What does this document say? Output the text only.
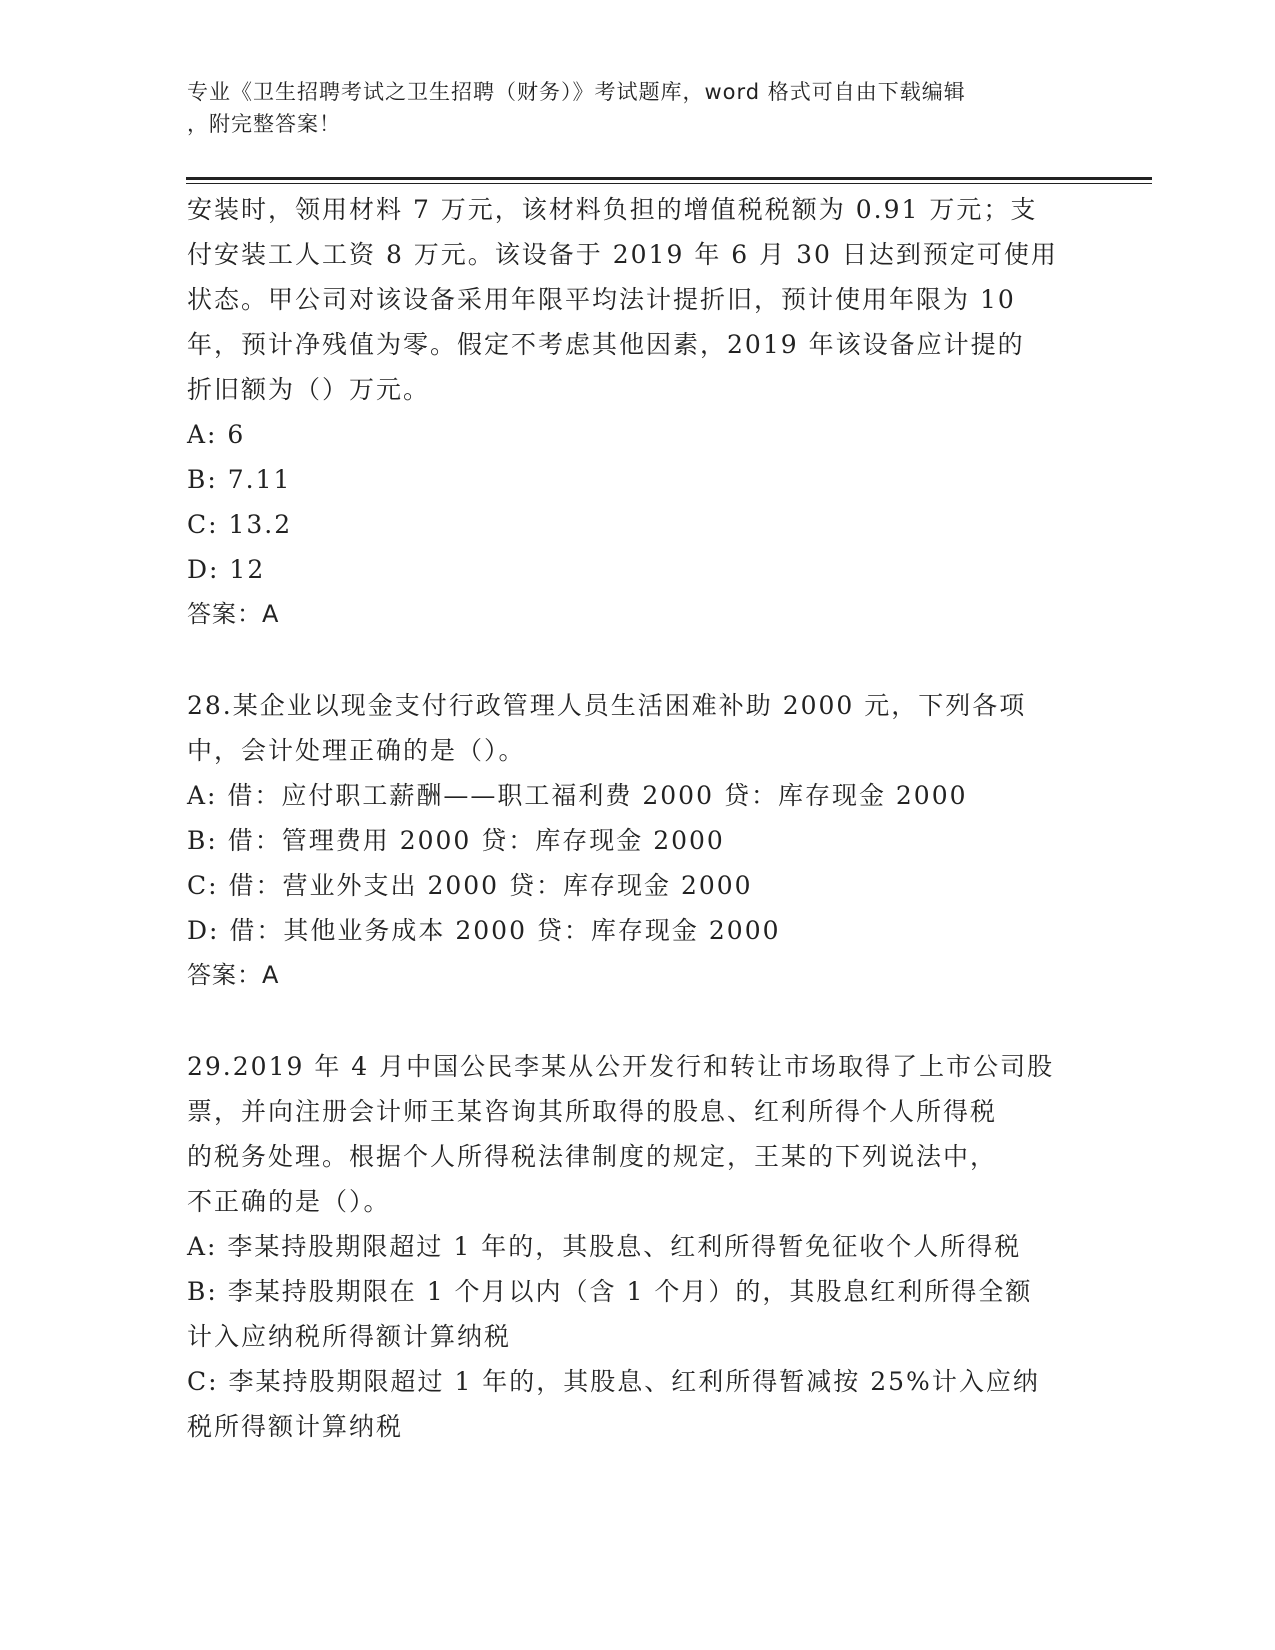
专业《卫生招聘考试之卫生招聘（财务）》考试题库，word 格式可自由下载编辑
，附完整答案！
安装时，领用材料 7 万元，该材料负担的增值税税额为 0.91 万元；支
付安装工人工资 8 万元。该设备于 2019 年 6 月 30 日达到预定可使用
状态。甲公司对该设备采用年限平均法计提折旧，预计使用年限为 10
年，预计净残值为零。假定不考虑其他因素，2019 年该设备应计提的
折旧额为（）万元。
A: 6
B: 7.11
C: 13.2
D: 12
答案：A
28.某企业以现金支付行政管理人员生活困难补助 2000 元，下列各项
中，会计处理正确的是（）。
A: 借：应付职工薪酬——职工福利费 2000 贷：库存现金 2000
B: 借：管理费用 2000 贷：库存现金 2000
C: 借：营业外支出 2000 贷：库存现金 2000
D: 借：其他业务成本 2000 贷：库存现金 2000
答案：A
29.2019 年 4 月中国公民李某从公开发行和转让市场取得了上市公司股
票，并向注册会计师王某咨询其所取得的股息、红利所得个人所得税
的税务处理。根据个人所得税法律制度的规定，王某的下列说法中，
不正确的是（）。
A: 李某持股期限超过 1 年的，其股息、红利所得暂免征收个人所得税
B: 李某持股期限在 1 个月以内（含 1 个月）的，其股息红利所得全额
计入应纳税所得额计算纳税
C: 李某持股期限超过 1 年的，其股息、红利所得暂减按 25%计入应纳
税所得额计算纳税
